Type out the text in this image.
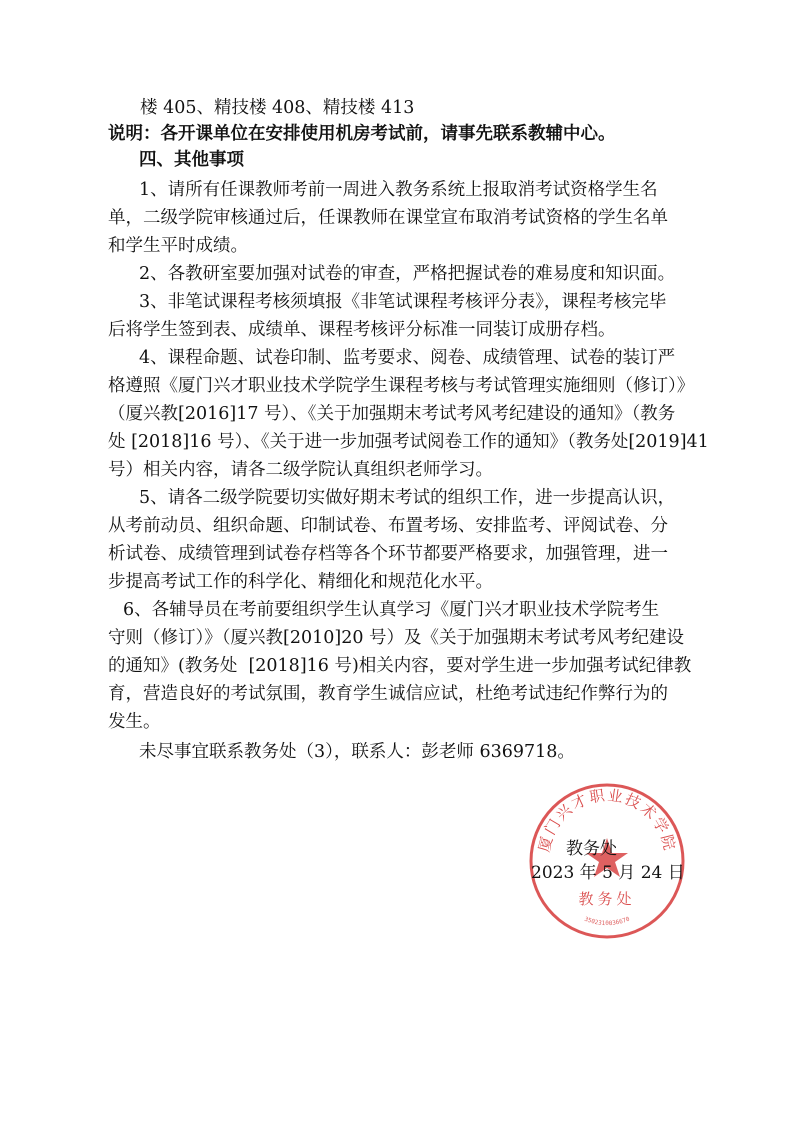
楼 405、精技楼 408、精技楼 413
说明：各开课单位在安排使用机房考试前，请事先联系教辅中心。
四、其他事项
1、请所有任课教师考前一周进入教务系统上报取消考试资格学生名
单，二级学院审核通过后，任课教师在课堂宣布取消考试资格的学生名单
和学生平时成绩。
2、各教研室要加强对试卷的审查，严格把握试卷的难易度和知识面。
3、非笔试课程考核须填报《非笔试课程考核评分表》，课程考核完毕
后将学生签到表、成绩单、课程考核评分标准一同装订成册存档。
4、课程命题、试卷印制、监考要求、阅卷、成绩管理、试卷的装订严
格遵照《厦门兴才职业技术学院学生课程考核与考试管理实施细则（修订）》
（厦兴教[2016]17 号）、《关于加强期末考试考风考纪建设的通知》（教务
处 [2018]16 号）、《关于进一步加强考试阅卷工作的通知》（教务处[2019]41
号）相关内容，请各二级学院认真组织老师学习。
5、请各二级学院要切实做好期末考试的组织工作，进一步提高认识，
从考前动员、组织命题、印制试卷、布置考场、安排监考、评阅试卷、分
析试卷、成绩管理到试卷存档等各个环节都要严格要求，加强管理，进一
步提高考试工作的科学化、精细化和规范化水平。
6、各辅导员在考前要组织学生认真学习《厦门兴才职业技术学院考生
守则（修订）》（厦兴教[2010]20 号）及《关于加强期末考试考风考纪建设
的通知》(教务处  [2018]16 号)相关内容，要对学生进一步加强考试纪律教
育，营造良好的考试氛围，教育学生诚信应试，杜绝考试违纪作弊行为的
发生。
未尽事宜联系教务处（3），联系人：彭老师 6369718。
厦门兴才职业技术学院
教务处
3502310036670
教务处
2023 年 5 月 24 日
